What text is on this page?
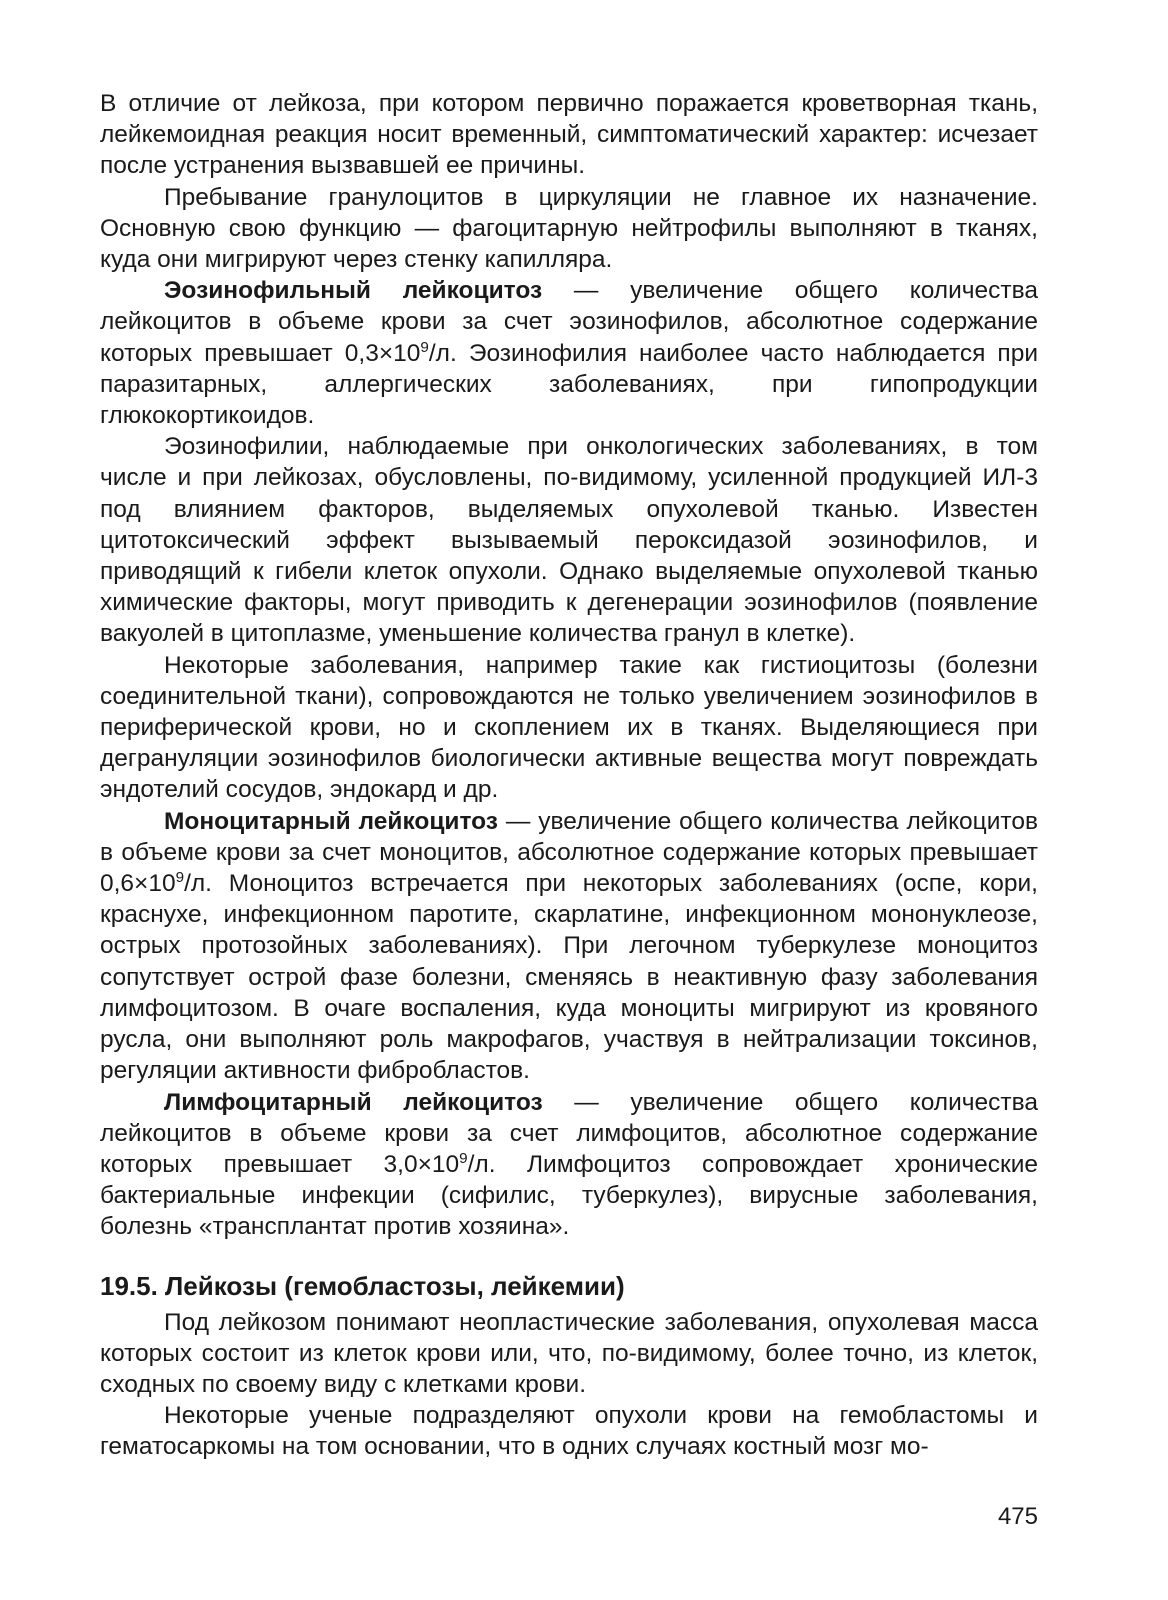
В отличие от лейкоза, при котором первично поражается кроветворная ткань, лейкемоидная реакция носит временный, симптоматический характер: исчезает после устранения вызвавшей ее причины.

Пребывание гранулоцитов в циркуляции не главное их назначение. Основную свою функцию — фагоцитарную нейтрофилы выполняют в тканях, куда они мигрируют через стенку капилляра.

Эозинофильный лейкоцитоз — увеличение общего количества лейкоцитов в объеме крови за счет эозинофилов, абсолютное содержание которых превышает $0,3\times 10^9/л$. Эозинофилия наиболее часто наблюдается при паразитарных, аллергических заболеваниях, при гипопродукции глюкокортикоидов.

Эозинофилии, наблюдаемые при онкологических заболеваниях, в том числе и при лейкозах, обусловлены, по-видимому, усиленной продукцией ИЛ-3 под влиянием факторов, выделяемых опухолевой тканью. Известен цитотоксический эффект вызываемый пероксидазой эозинофилов, и приводящий к гибели клеток опухоли. Однако выделяемые опухолевой тканью химические факторы, могут приводить к дегенерации эозинофилов (появление вакуолей в цитоплазме, уменьшение количества гранул в клетке).

Некоторые заболевания, например такие как гистиоцитозы (болезни соединительной ткани), сопровождаются не только увеличением эозинофилов в периферической крови, но и скоплением их в тканях. Выделяющиеся при дегрануляции эозинофилов биологически активные вещества могут повреждать эндотелий сосудов, эндокард и др.

Моноцитарный лейкоцитоз — увеличение общего количества лейкоцитов в объеме крови за счет моноцитов, абсолютное содержание которых превышает $0,6\times 10^9/л$. Моноцитоз встречается при некоторых заболеваниях (оспе, кори, краснухе, инфекционном паротите, скарлатине, инфекционном мононуклеозе, острых протозойных заболеваниях). При легочном туберкулезе моноцитоз сопутствует острой фазе болезни, сменяясь в неактивную фазу заболевания лимфоцитозом. В очаге воспаления, куда моноциты мигрируют из кровяного русла, они выполняют роль макрофагов, участвуя в нейтрализации токсинов, регуляции активности фибробластов.

Лимфоцитарный лейкоцитоз — увеличение общего количества лейкоцитов в объеме крови за счет лимфоцитов, абсолютное содержание которых превышает $3,0\times 10^9/л$. Лимфоцитоз сопровождает хронические бактериальные инфекции (сифилис, туберкулез), вирусные заболевания, болезнь «трансплантат против хозяина».

19.5. Лейкозы (гемобластозы, лейкемии)

Под лейкозом понимают неопластические заболевания, опухолевая масса которых состоит из клеток крови или, что, по-видимому, более точно, из клеток, сходных по своему виду с клетками крови.

Некоторые ученые подразделяют опухоли крови на гемобластомы и гематосаркомы на том основании, что в одних случаях костный мозг мо-

475
